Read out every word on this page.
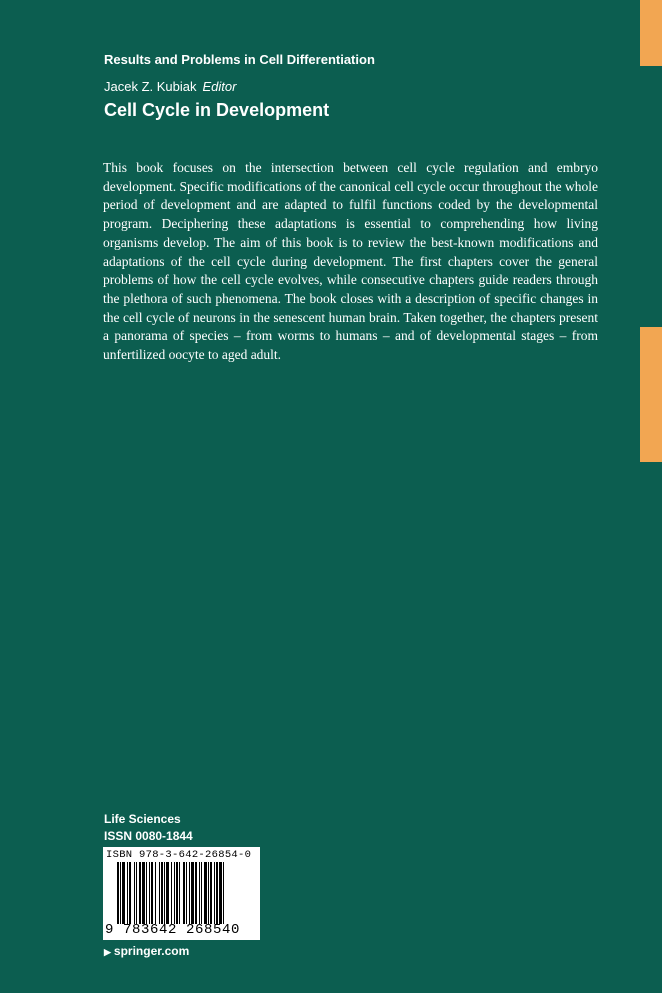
Results and Problems in Cell Differentiation
Jacek Z. Kubiak Editor
Cell Cycle in Development
This book focuses on the intersection between cell cycle regulation and embryo development. Specific modifications of the canonical cell cycle occur throughout the whole period of development and are adapted to fulfil functions coded by the developmental program. Deciphering these adaptations is essential to comprehending how living organisms develop. The aim of this book is to review the best-known modifications and adaptations of the cell cycle during development. The first chapters cover the general problems of how the cell cycle evolves, while consecutive chapters guide readers through the plethora of such phenomena. The book closes with a description of specific changes in the cell cycle of neurons in the senescent human brain. Taken together, the chapters present a panorama of species – from worms to humans – and of developmental stages – from unfertilized oocyte to aged adult.
Life Sciences
ISSN 0080-1844
ISBN 978-3-642-26854-0
9 783642 268540
▶ springer.com
